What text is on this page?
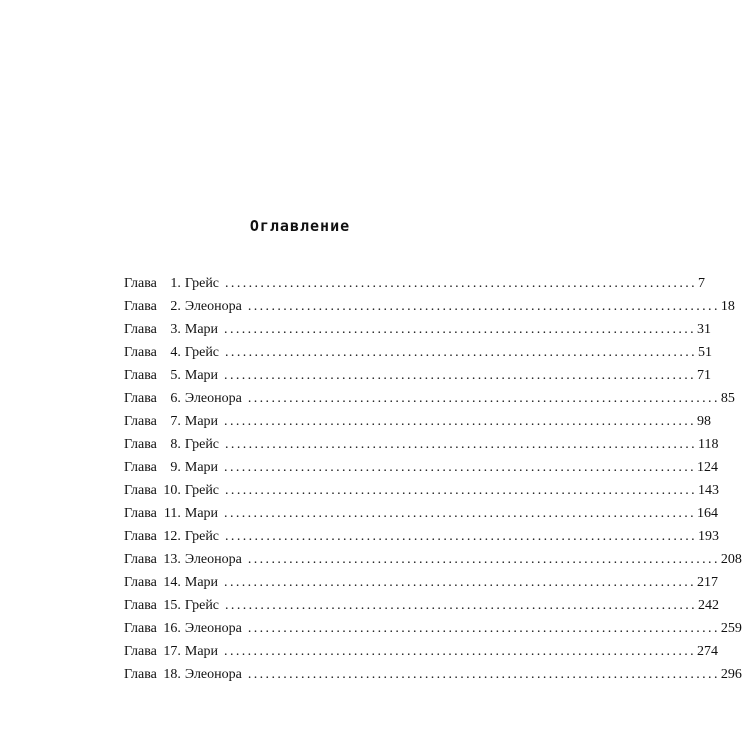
Оглавление
Глава 1. Грейс ................................................................................ 7
Глава 2. Элеонора ................................................................................ 18
Глава 3. Мари ................................................................................ 31
Глава 4. Грейс ................................................................................ 51
Глава 5. Мари ................................................................................ 71
Глава 6. Элеонора ................................................................................ 85
Глава 7. Мари ................................................................................ 98
Глава 8. Грейс ................................................................................ 118
Глава 9. Мари ................................................................................ 124
Глава 10. Грейс ................................................................................ 143
Глава 11. Мари ................................................................................ 164
Глава 12. Грейс ................................................................................ 193
Глава 13. Элеонора ................................................................................ 208
Глава 14. Мари ................................................................................ 217
Глава 15. Грейс ................................................................................ 242
Глава 16. Элеонора ................................................................................ 259
Глава 17. Мари ................................................................................ 274
Глава 18. Элеонора ................................................................................ 296
